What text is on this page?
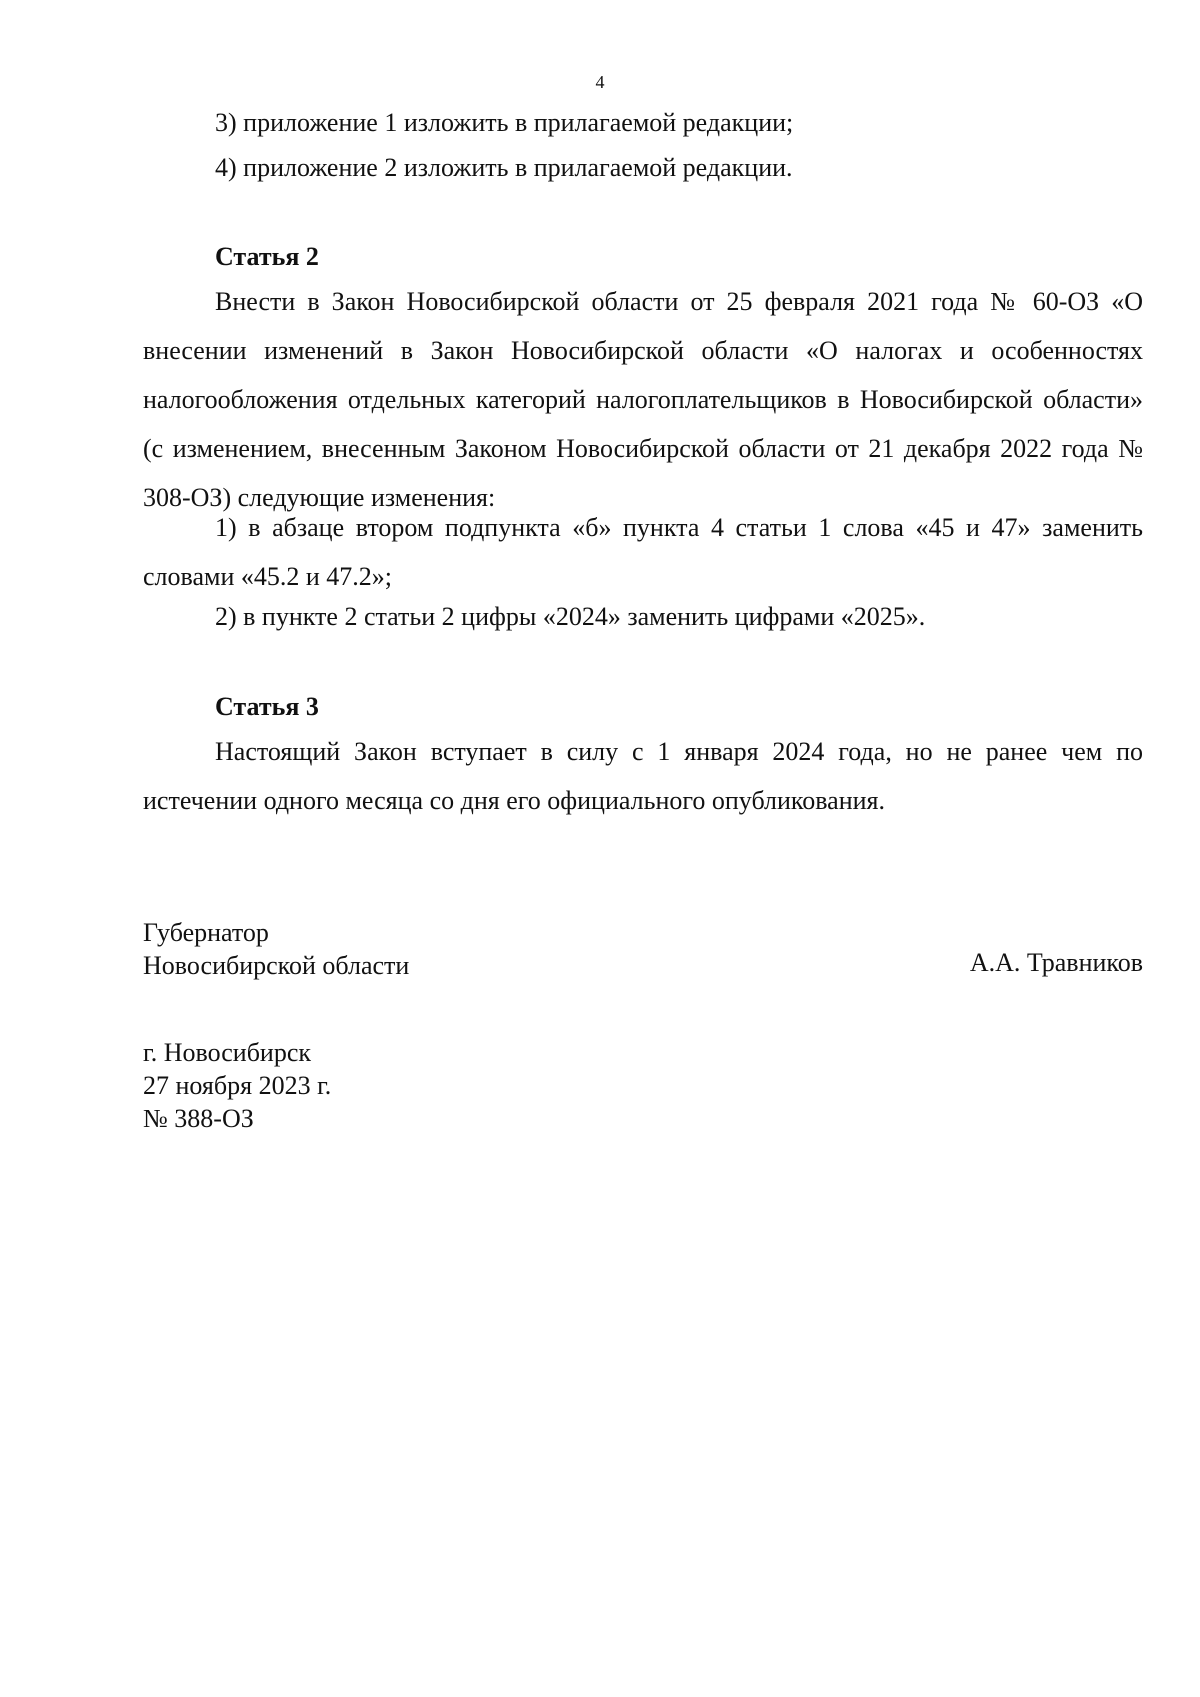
4
3) приложение 1 изложить в прилагаемой редакции;
4) приложение 2 изложить в прилагаемой редакции.
Статья 2

Внести в Закон Новосибирской области от 25 февраля 2021 года № 60-ОЗ «О внесении изменений в Закон Новосибирской области «О налогах и особенностях налогообложения отдельных категорий налогоплательщиков в Новосибирской области» (с изменением, внесенным Законом Новосибирской области от 21 декабря 2022 года № 308-ОЗ) следующие изменения:

1) в абзаце втором подпункта «б» пункта 4 статьи 1 слова «45 и 47» заменить словами «45.2 и 47.2»;

2) в пункте 2 статьи 2 цифры «2024» заменить цифрами «2025».
Статья 3

Настоящий Закон вступает в силу с 1 января 2024 года, но не ранее чем по истечении одного месяца со дня его официального опубликования.

Губернатор
Новосибирской области	А.А. Травников
г. Новосибирск
27 ноября 2023 г.
№ 388-ОЗ
